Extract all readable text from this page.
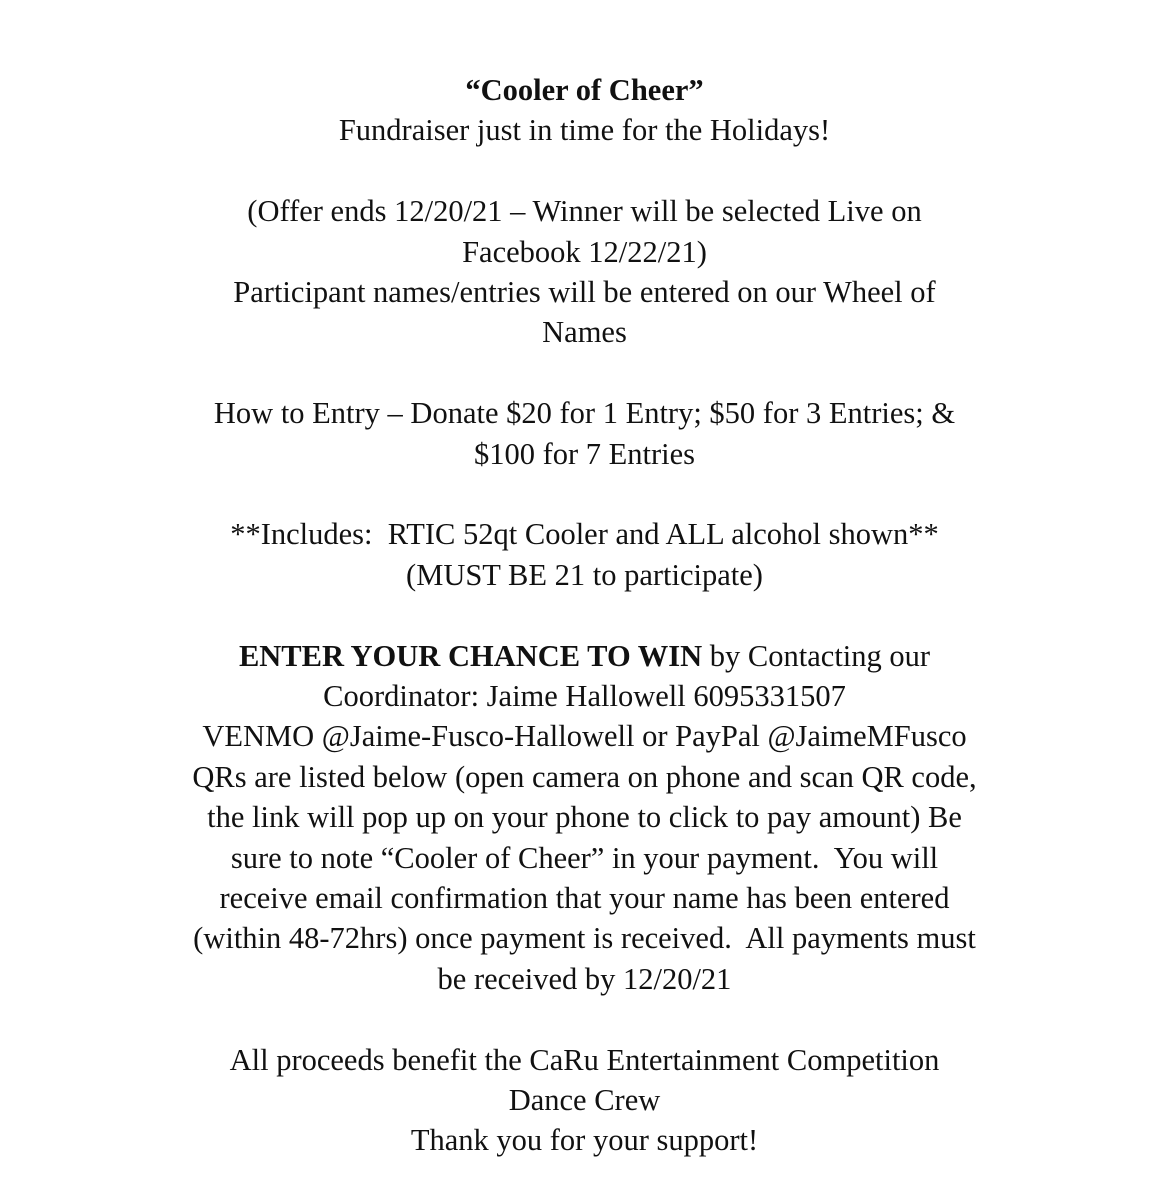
“Cooler of Cheer”
Fundraiser just in time for the Holidays!
(Offer ends 12/20/21 – Winner will be selected Live on
Facebook 12/22/21)
Participant names/entries will be entered on our Wheel of
Names
How to Entry – Donate $20 for 1 Entry; $50 for 3 Entries; &
$100 for 7 Entries
**Includes:  RTIC 52qt Cooler and ALL alcohol shown**
(MUST BE 21 to participate)
ENTER YOUR CHANCE TO WIN by Contacting our
Coordinator: Jaime Hallowell 6095331507
VENMO @Jaime-Fusco-Hallowell or PayPal @JaimeMFusco
QRs are listed below (open camera on phone and scan QR code,
the link will pop up on your phone to click to pay amount) Be
sure to note “Cooler of Cheer” in your payment.  You will
receive email confirmation that your name has been entered
(within 48-72hrs) once payment is received.  All payments must
be received by 12/20/21
All proceeds benefit the CaRu Entertainment Competition
Dance Crew
Thank you for your support!
